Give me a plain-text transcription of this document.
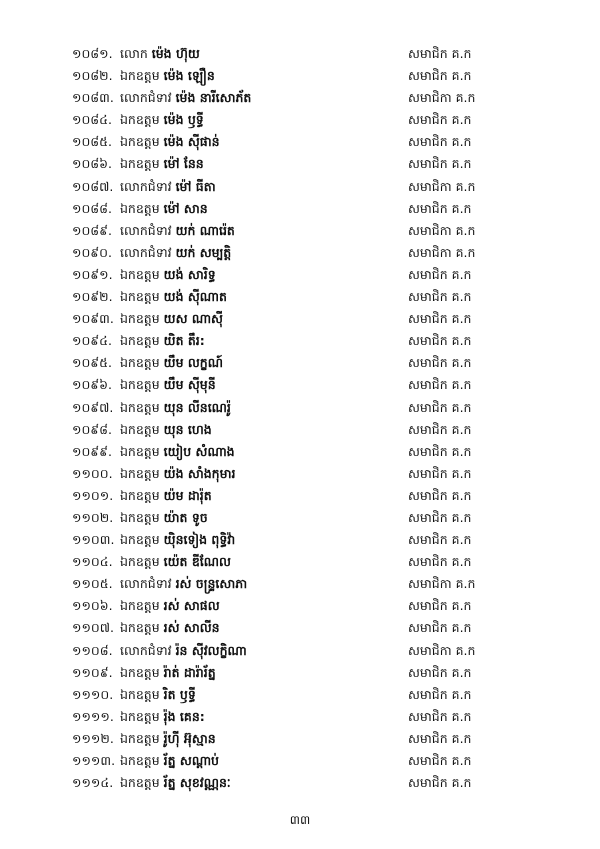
១០៨១. លោក ម៉េង ហ៊ុយ	សមាជិក គ.ក
១០៨២. ឯកឧត្តម ម៉េង ឡឿន	សមាជិក គ.ក
១០៨៣. លោកជំទាវ ម៉េង នារីសោភ័ត	សមាជិកា គ.ក
១០៨៤. ឯកឧត្តម ម៉េង ឫទ្ធី	សមាជិក គ.ក
១០៨៥. ឯកឧត្តម ម៉េង ស៊ីផាន់	សមាជិក គ.ក
១០៨៦. ឯកឧត្តម ម៉ៅ នែន	សមាជិក គ.ក
១០៨៧. លោកជំទាវ ម៉ៅ ធីតា	សមាជិកា គ.ក
១០៨៨. ឯកឧត្តម ម៉ៅ សាន	សមាជិក គ.ក
១០៨៩. លោកជំទាវ យក់ ណារ៉េត	សមាជិកា គ.ក
១០៩០. លោកជំទាវ យក់ សម្បត្តិ	សមាជិកា គ.ក
១០៩១. ឯកឧត្តម យង់ សារិទ្ធ	សមាជិក គ.ក
១០៩២. ឯកឧត្តម យង់ ស៊ីណាត	សមាជិក គ.ក
១០៩៣. ឯកឧត្តម យស ណាស៊ី	សមាជិក គ.ក
១០៩៤. ឯកឧត្តម យិត តឹរ:	សមាជិក គ.ក
១០៩៥. ឯកឧត្តម យឹម លក្ខណ៍	សមាជិក គ.ក
១០៩៦. ឯកឧត្តម យឹម ស៊ីមុនី	សមាជិក គ.ក
១០៩៧. ឯកឧត្តម យុន លីនណេរ៉ូ	សមាជិក គ.ក
១០៩៨. ឯកឧត្តម យុន ហេង	សមាជិក គ.ក
១០៩៩. ឯកឧត្តម យៀប សំណាង	សមាជិក គ.ក
១១០០. ឯកឧត្តម យ៉ង សាំងកុមារ	សមាជិក គ.ក
១១០១. ឯកឧត្តម យ៉ម ដារ៉ុត	សមាជិក គ.ក
១១០២. ឯកឧត្តម យ៉ាត ទូច	សមាជិក គ.ក
១១០៣. ឯកឧត្តម យ៉ិនទៀង ពុទ្ធិវ៉ា	សមាជិក គ.ក
១១០៤. ឯកឧត្តម យ៉េត ឌីណែល	សមាជិក គ.ក
១១០៥. លោកជំទាវ រស់ ចន្ទ្រសោភា	សមាជិកា គ.ក
១១០៦. ឯកឧត្តម រស់ សាផល	សមាជិក គ.ក
១១០៧. ឯកឧត្តម រស់ សាលីន	សមាជិក គ.ក
១១០៨. លោកជំទាវ រ៉ន ស៊ីវលក្ខិណា	សមាជិកា គ.ក
១១០៩. ឯកឧត្តម រ៉ាត់ ដារ៉ារ័ត្ន	សមាជិក គ.ក
១១១០. ឯកឧត្តម រិត ឫទ្ធី	សមាជិក គ.ក
១១១១. ឯកឧត្តម រ៉ុង គេន:	សមាជិក គ.ក
១១១២. ឯកឧត្តម រ៉ូហ៊ី អ៊ុស្មាន	សមាជិក គ.ក
១១១៣. ឯកឧត្តម រ័ត្ន សណ្តាប់	សមាជិក គ.ក
១១១៤. ឯកឧត្តម រ័ត្ន សុខវណ្ណនៈ	សមាជិក គ.ក
៣៣
